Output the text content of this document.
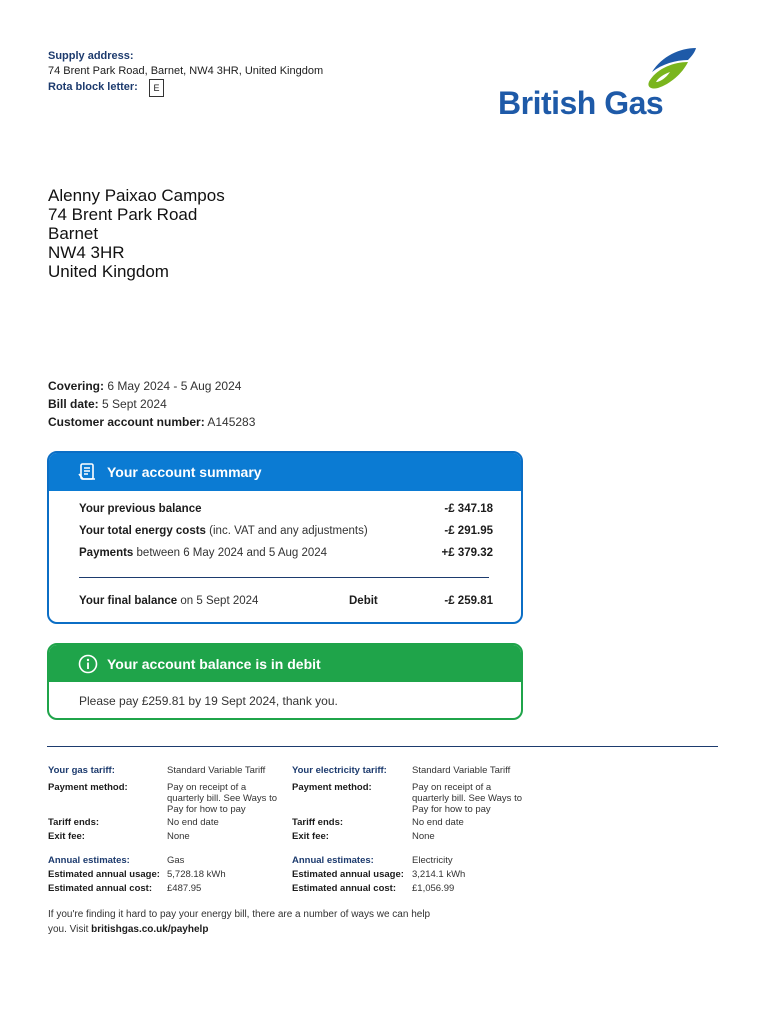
Supply address:
74 Brent Park Road, Barnet, NW4 3HR, United Kingdom
Rota block letter:	E	British Gas
Alenny Paixao Campos
74 Brent Park Road
Barnet
NW4 3HR
United Kingdom
Covering: 6 May 2024 - 5 Aug 2024
Bill date: 5 Sept 2024
Customer account number: A145283
Your account summary
Your previous balance	-£ 347.18
Your total energy costs (inc. VAT and any adjustments)	-£ 291.95
Payments between 6 May 2024 and 5 Aug 2024	+£ 379.32
Your final balance on 5 Sept 2024	Debit	-£ 259.81
Your account balance is in debit
Please pay £259.81 by 19 Sept 2024, thank you.
Your gas tariff:	Standard Variable Tariff
Payment method:	Pay on receipt of a
quarterly bill. See Ways to
Pay for how to pay
Tariff ends:	No end date
Exit fee:	None
Annual estimates:	Gas
Estimated annual usage: 5,728.18 kWh
Estimated annual cost: £487.95
Your electricity tariff:	Standard Variable Tariff
Payment method:	Pay on receipt of a
quarterly bill. See Ways to
Pay for how to pay
Tariff ends:	No end date
Exit fee:	None
Annual estimates:	Electricity
Estimated annual usage: 3,214.1 kWh
Estimated annual cost: £1,056.99
If you're finding it hard to pay your energy bill, there are a number of ways we can help
you. Visit britishgas.co.uk/payhelp
